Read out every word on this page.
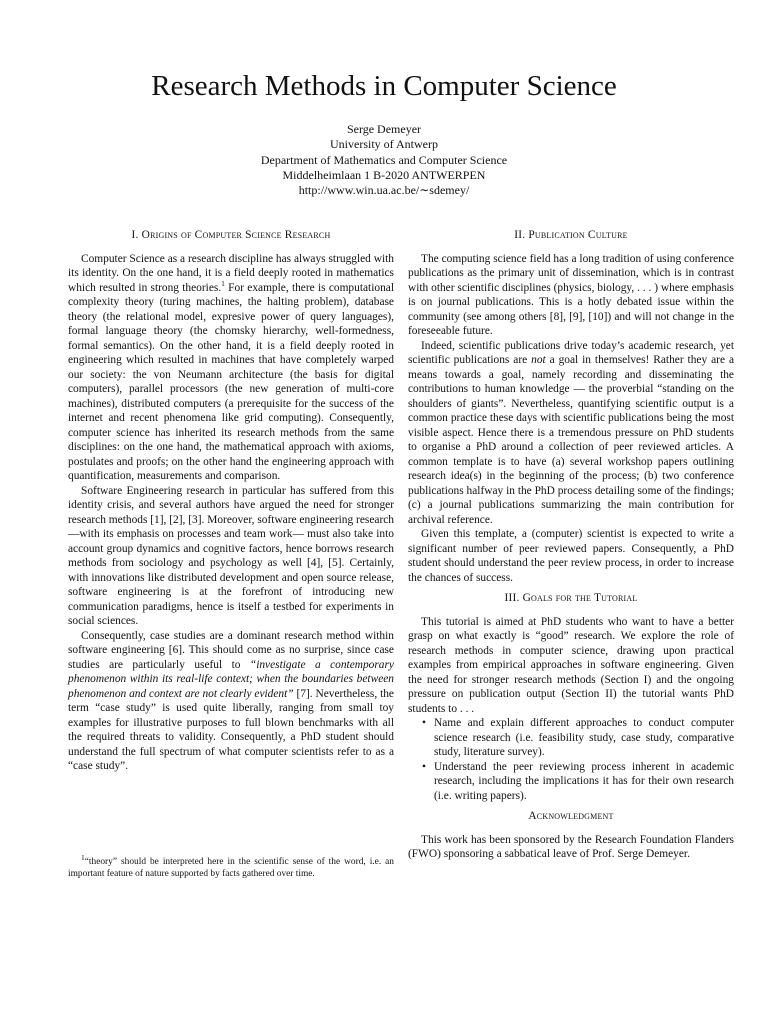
Research Methods in Computer Science
Serge Demeyer
University of Antwerp
Department of Mathematics and Computer Science
Middelheimlaan 1 B-2020 ANTWERPEN
http://www.win.ua.ac.be/∼sdemey/
I. Origins of Computer Science Research

Computer Science as a research discipline has always struggled with its identity. On the one hand, it is a field deeply rooted in mathematics which resulted in strong theories.$^1$ For example, there is computational complexity theory (turing machines, the halting problem), database theory (the relational model, expresive power of query languages), formal language theory (the chomsky hierarchy, well-formedness, formal semantics). On the other hand, it is a field deeply rooted in engineering which resulted in machines that have completely warped our society: the von Neumann architecture (the basis for digital computers), parallel processors (the new generation of multi-core machines), distributed computers (a prerequisite for the success of the internet and recent phenomena like grid computing). Consequently, computer science has inherited its research methods from the same disciplines: on the one hand, the mathematical approach with axioms, postulates and proofs; on the other hand the engineering approach with quantification, measurements and comparison.

Software Engineering research in particular has suffered from this identity crisis, and several authors have argued the need for stronger research methods [1], [2], [3]. Moreover, software engineering research —with its emphasis on processes and team work— must also take into account group dynamics and cognitive factors, hence borrows research methods from sociology and psychology as well [4], [5]. Certainly, with innovations like distributed development and open source release, software engineering is at the forefront of introducing new communication paradigms, hence is itself a testbed for experiments in social sciences.

Consequently, case studies are a dominant research method within software engineering [6]. This should come as no surprise, since case studies are particularly useful to “investigate a contemporary phenomenon within its real-life context; when the boundaries between phenomenon and context are not clearly evident” [7]. Nevertheless, the term “case study” is used quite liberally, ranging from small toy examples for illustrative purposes to full blown benchmarks with all the required threats to validity. Consequently, a PhD student should understand the full spectrum of what computer scientists refer to as a “case study”.

$^1$“theory” should be interpreted here in the scientific sense of the word, i.e. an important feature of nature supported by facts gathered over time.

II. Publication Culture

The computing science field has a long tradition of using conference publications as the primary unit of dissemination, which is in contrast with other scientific disciplines (physics, biology, . . . ) where emphasis is on journal publications. This is a hotly debated issue within the community (see among others [8], [9], [10]) and will not change in the foreseeable future.

Indeed, scientific publications drive today’s academic research, yet scientific publications are not a goal in themselves! Rather they are a means towards a goal, namely recording and disseminating the contributions to human knowledge — the proverbial “standing on the shoulders of giants”. Nevertheless, quantifying scientific output is a common practice these days with scientific publications being the most visible aspect. Hence there is a tremendous pressure on PhD students to organise a PhD around a collection of peer reviewed articles. A common template is to have (a) several workshop papers outlining research idea(s) in the beginning of the process; (b) two conference publications halfway in the PhD process detailing some of the findings; (c) a journal publications summarizing the main contribution for archival reference.

Given this template, a (computer) scientist is expected to write a significant number of peer reviewed papers. Consequently, a PhD student should understand the peer review process, in order to increase the chances of success.

III. Goals for the Tutorial

This tutorial is aimed at PhD students who want to have a better grasp on what exactly is “good” research. We explore the role of research methods in computer science, drawing upon practical examples from empirical approaches in software engineering. Given the need for stronger research methods (Section I) and the ongoing pressure on publication output (Section II) the tutorial wants PhD students to . . .

• Name and explain different approaches to conduct computer science research (i.e. feasibility study, case study, comparative study, literature survey).
• Understand the peer reviewing process inherent in academic research, including the implications it has for their own research (i.e. writing papers).
Acknowledgment

This work has been sponsored by the Research Foundation Flanders (FWO) sponsoring a sabbatical leave of Prof. Serge Demeyer.
